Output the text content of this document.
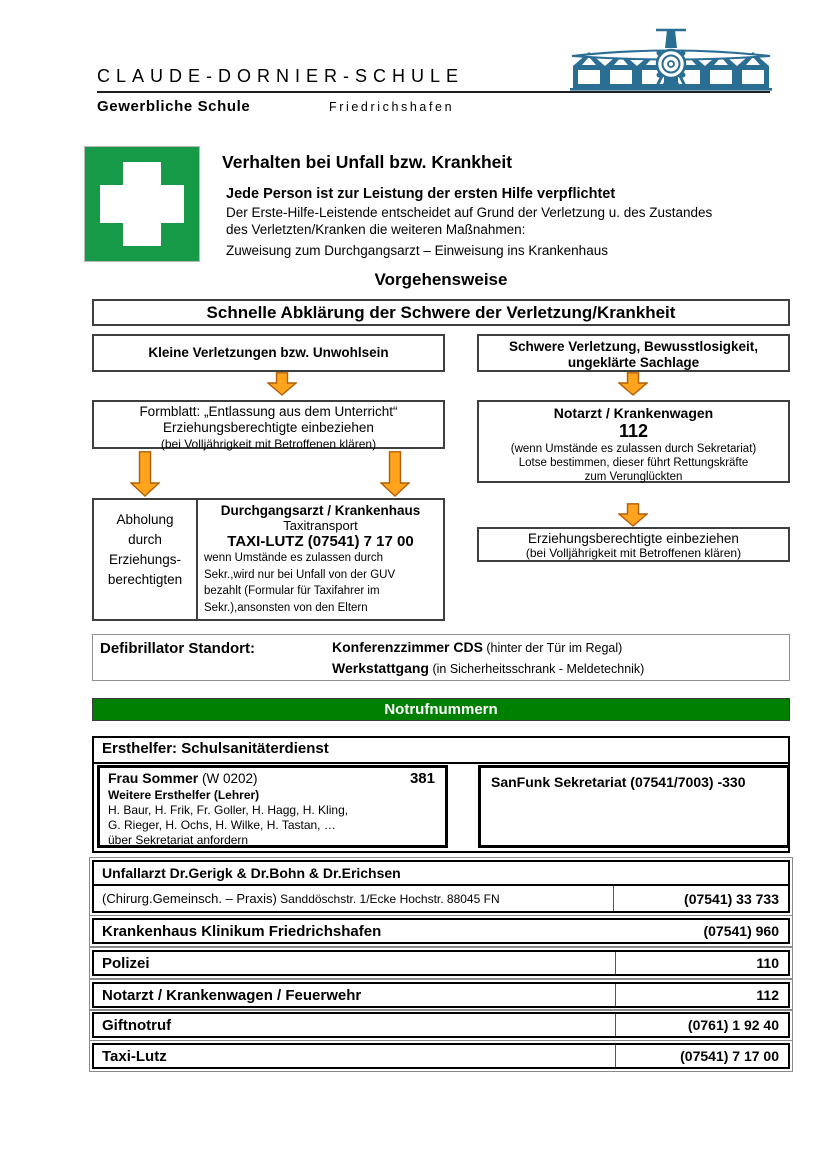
CLAUDE-DORNIER-SCHULE
Gewerbliche Schule	Friedrichshafen
Verhalten bei Unfall bzw. Krankheit
Jede Person ist zur Leistung der ersten Hilfe verpflichtet
Der Erste-Hilfe-Leistende entscheidet auf Grund der Verletzung u. des Zustandes
des Verletzten/Kranken die weiteren Maßnahmen:
Zuweisung zum Durchgangsarzt – Einweisung ins Krankenhaus
Vorgehensweise
Schnelle Abklärung der Schwere der Verletzung/Krankheit
Kleine Verletzungen bzw. Unwohlsein	Schwere Verletzung, Bewusstlosigkeit,
ungeklärte Sachlage
Formblatt: „Entlassung aus dem Unterricht“
Erziehungsberechtigte einbeziehen
(bei Volljährigkeit mit Betroffenen klären)
Notarzt / Krankenwagen
112
(wenn Umstände es zulassen durch Sekretariat)
Lotse bestimmen, dieser führt Rettungskräfte
zum Verunglückten
Abholung
durch
Erziehungs-
berechtigten
Durchgangsarzt / Krankenhaus
Taxitransport
TAXI-LUTZ (07541) 7 17 00
wenn Umstände es zulassen durch
Sekr.,wird nur bei Unfall von der GUV
bezahlt (Formular für Taxifahrer im
Sekr.),ansonsten von den Eltern
Erziehungsberechtigte einbeziehen
(bei Volljährigkeit mit Betroffenen klären)
Defibrillator Standort:	Konferenzzimmer CDS (hinter der Tür im Regal)
Werkstattgang (in Sicherheitsschrank - Meldetechnik)
Notrufnummern
Ersthelfer: Schulsanitäterdienst
Frau Sommer (W 0202)	381
Weitere Ersthelfer (Lehrer)
H. Baur, H. Frik, Fr. Goller, H. Hagg, H. Kling,
G. Rieger, H. Ochs, H. Wilke, H. Tastan, …
über Sekretariat anfordern
SanFunk Sekretariat (07541/7003) -330
Unfallarzt Dr.Gerigk & Dr.Bohn & Dr.Erichsen
(Chirurg.Gemeinsch. – Praxis) Sanddöschstr. 1/Ecke Hochstr. 88045 FN	(07541) 33 733
Krankenhaus Klinikum Friedrichshafen	(07541) 960
Polizei	110
Notarzt / Krankenwagen / Feuerwehr	112
Giftnotruf	(0761) 1 92 40
Taxi-Lutz	(07541) 7 17 00
